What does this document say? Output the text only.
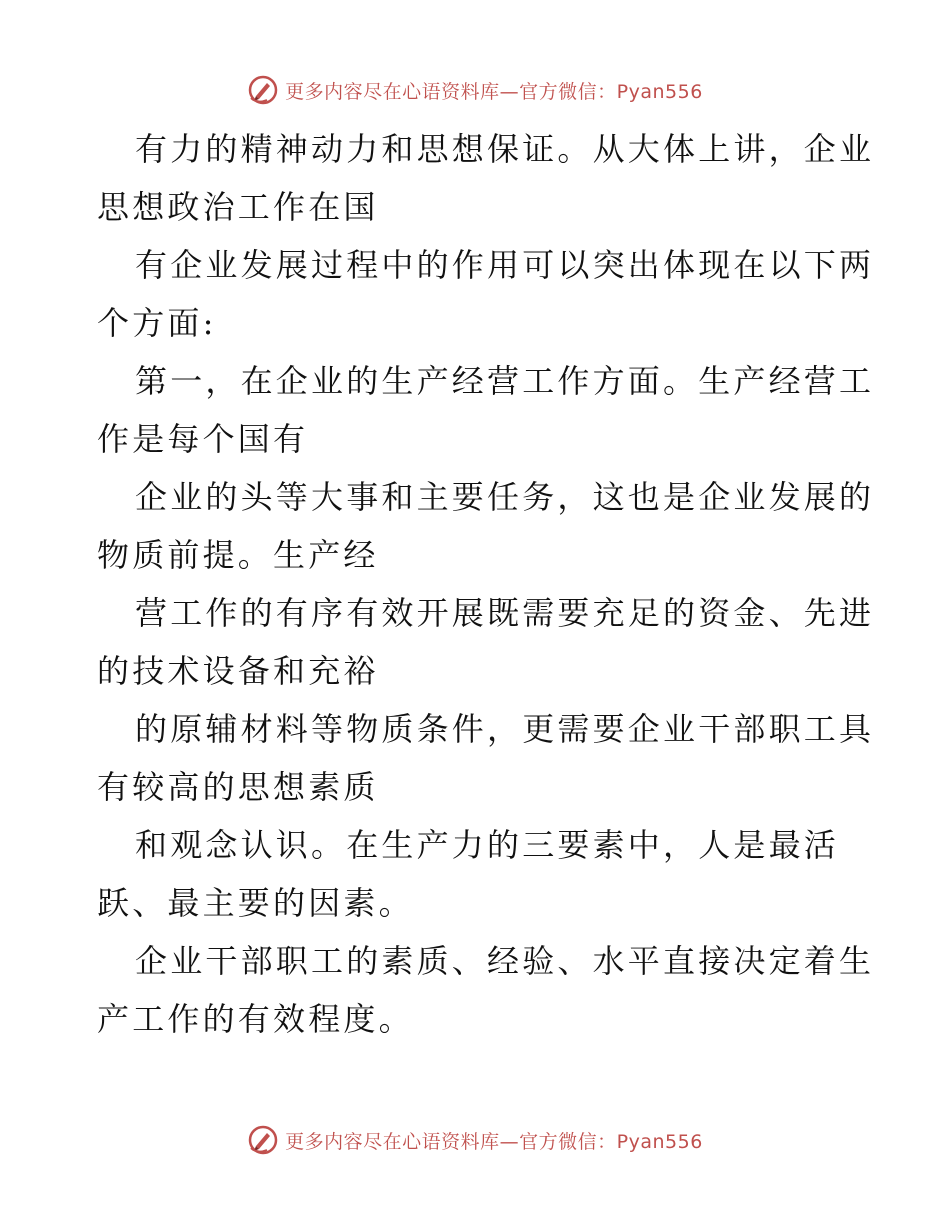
更多内容尽在心语资料库—官方微信：Pyan556

有力的精神动力和思想保证。从大体上讲，企业
思想政治工作在国

有企业发展过程中的作用可以突出体现在以下两
个方面:

第一，在企业的生产经营工作方面。生产经营工
作是每个国有

企业的头等大事和主要任务，这也是企业发展的
物质前提。生产经

营工作的有序有效开展既需要充足的资金、先进
的技术设备和充裕

的原辅材料等物质条件，更需要企业干部职工具
有较高的思想素质

和观念认识。在生产力的三要素中，人是最活
跃、最主要的因素。

企业干部职工的素质、经验、水平直接决定着生
产工作的有效程度。

更多内容尽在心语资料库—官方微信：Pyan556
